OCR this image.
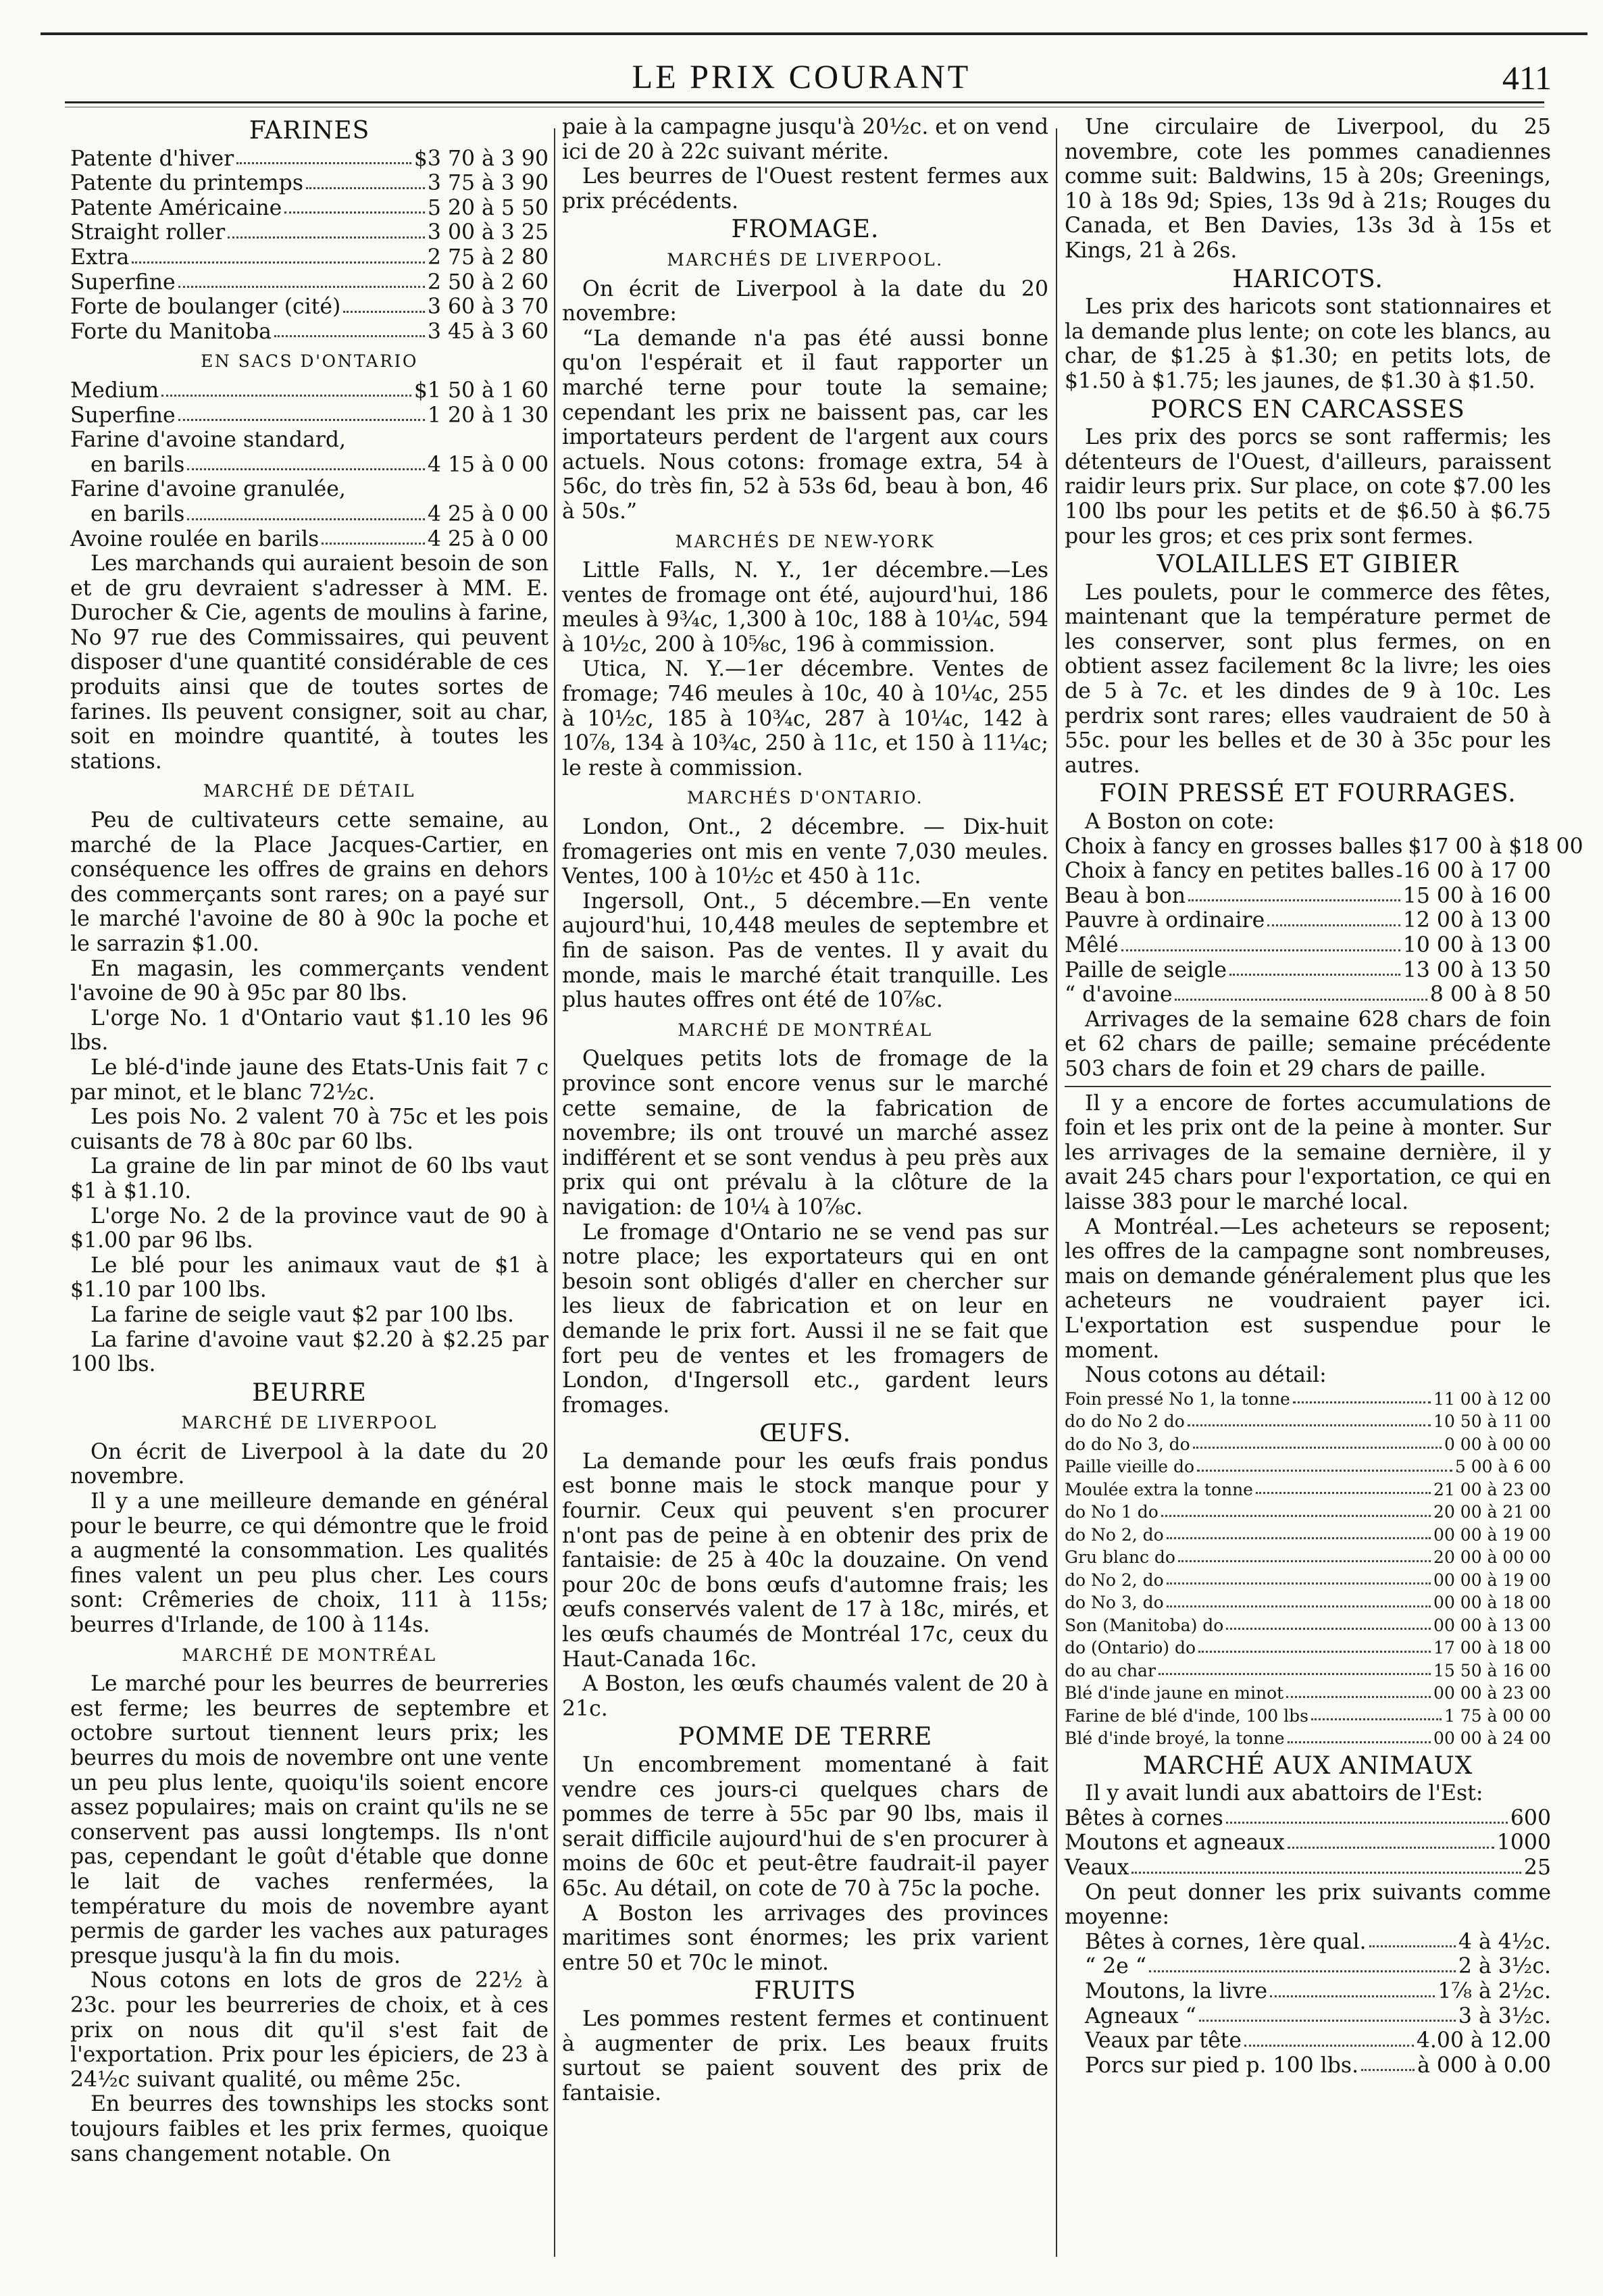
LE PRIX COURANT	411
FARINES
Patente d'hiver	$3 70 à 3 90
Patente du printemps	3 75 à 3 90
Patente Américaine	5 20 à 5 50
Straight roller	3 00 à 3 25
Extra	2 75 à 2 80
Superfine	2 50 à 2 60
Forte de boulanger (cité)	3 60 à 3 70
Forte du Manitoba	3 45 à 3 60
EN SACS D'ONTARIO
Medium	$1 50 à 1 60
Superfine	1 20 à 1 30
Farine d'avoine standard,
en barils	4 15 à 0 00
Farine d'avoine granulée,
en barils	4 25 à 0 00
Avoine roulée en barils	4 25 à 0 00

Les marchands qui auraient besoin de son et de gru devraient s'adresser à MM. E. Durocher & Cie, agents de moulins à farine, No 97 rue des Commissaires, qui peuvent disposer d'une quantité considérable de ces produits ainsi que de toutes sortes de farines. Ils peuvent consigner, soit au char, soit en moindre quantité, à toutes les stations.

MARCHÉ DE DÉTAIL

Peu de cultivateurs cette semaine, au marché de la Place Jacques-Cartier, en conséquence les offres de grains en dehors des commerçants sont rares; on a payé sur le marché l'avoine de 80 à 90c la poche et le sarrazin $1.00.

En magasin, les commerçants vendent l'avoine de 90 à 95c par 80 lbs.

L'orge No. 1 d'Ontario vaut $1.10 les 96 lbs.

Le blé-d'inde jaune des Etats-Unis fait 7 c par minot, et le blanc 72½c.

Les pois No. 2 valent 70 à 75c et les pois cuisants de 78 à 80c par 60 lbs.

La graine de lin par minot de 60 lbs vaut $1 à $1.10.

L'orge No. 2 de la province vaut de 90 à $1.00 par 96 lbs.

Le blé pour les animaux vaut de $1 à $1.10 par 100 lbs.

La farine de seigle vaut $2 par 100 lbs.

La farine d'avoine vaut $2.20 à $2.25 par 100 lbs.

BEURRE
MARCHÉ DE LIVERPOOL

On écrit de Liverpool à la date du 20 novembre.

Il y a une meilleure demande en général pour le beurre, ce qui démontre que le froid a augmenté la consommation. Les qualités fines valent un peu plus cher. Les cours sont: Crêmeries de choix, 111 à 115s; beurres d'Irlande, de 100 à 114s.

MARCHÉ DE MONTRÉAL

Le marché pour les beurres de beurreries est ferme; les beurres de septembre et octobre surtout tiennent leurs prix; les beurres du mois de novembre ont une vente un peu plus lente, quoiqu'ils soient encore assez populaires; mais on craint qu'ils ne se conservent pas aussi longtemps. Ils n'ont pas, cependant le goût d'étable que donne le lait de vaches renfermées, la température du mois de novembre ayant permis de garder les vaches aux paturages presque jusqu'à la fin du mois.

Nous cotons en lots de gros de 22½ à 23c. pour les beurreries de choix, et à ces prix on nous dit qu'il s'est fait de l'exportation. Prix pour les épiciers, de 23 à 24½c suivant qualité, ou même 25c.

En beurres des townships les stocks sont toujours faibles et les prix fermes, quoique sans changement notable. On

paie à la campagne jusqu'à 20½c. et on vend ici de 20 à 22c suivant mérite.

Les beurres de l'Ouest restent fermes aux prix précédents.

FROMAGE.
MARCHÉS DE LIVERPOOL.

On écrit de Liverpool à la date du 20 novembre:

“La demande n'a pas été aussi bonne qu'on l'espérait et il faut rapporter un marché terne pour toute la semaine; cependant les prix ne baissent pas, car les importateurs perdent de l'argent aux cours actuels. Nous cotons: fromage extra, 54 à 56c, do très fin, 52 à 53s 6d, beau à bon, 46 à 50s.”

MARCHÉS DE NEW-YORK

Little Falls, N. Y., 1er décembre.—Les ventes de fromage ont été, aujourd'hui, 186 meules à 9¾c, 1,300 à 10c, 188 à 10¼c, 594 à 10½c, 200 à 10⅝c, 196 à commission.

Utica, N. Y.—1er décembre. Ventes de fromage; 746 meules à 10c, 40 à 10¼c, 255 à 10½c, 185 à 10¾c, 287 à 10¼c, 142 à 10⅞, 134 à 10¾c, 250 à 11c, et 150 à 11¼c; le reste à commission.

MARCHÉS D'ONTARIO.

London, Ont., 2 décembre. — Dix-huit fromageries ont mis en vente 7,030 meules. Ventes, 100 à 10½c et 450 à 11c.

Ingersoll, Ont., 5 décembre.—En vente aujourd'hui, 10,448 meules de septembre et fin de saison. Pas de ventes. Il y avait du monde, mais le marché était tranquille. Les plus hautes offres ont été de 10⅞c.

MARCHÉ DE MONTRÉAL

Quelques petits lots de fromage de la province sont encore venus sur le marché cette semaine, de la fabrication de novembre; ils ont trouvé un marché assez indifférent et se sont vendus à peu près aux prix qui ont prévalu à la clôture de la navigation: de 10¼ à 10⅞c.

Le fromage d'Ontario ne se vend pas sur notre place; les exportateurs qui en ont besoin sont obligés d'aller en chercher sur les lieux de fabrication et on leur en demande le prix fort. Aussi il ne se fait que fort peu de ventes et les fromagers de London, d'Ingersoll etc., gardent leurs fromages.

ŒUFS.

La demande pour les œufs frais pondus est bonne mais le stock manque pour y fournir. Ceux qui peuvent s'en procurer n'ont pas de peine à en obtenir des prix de fantaisie: de 25 à 40c la douzaine. On vend pour 20c de bons œufs d'automne frais; les œufs conservés valent de 17 à 18c, mirés, et les œufs chaumés de Montréal 17c, ceux du Haut-Canada 16c.

A Boston, les œufs chaumés valent de 20 à 21c.

POMME DE TERRE

Un encombrement momentané à fait vendre ces jours-ci quelques chars de pommes de terre à 55c par 90 lbs, mais il serait difficile aujourd'hui de s'en procurer à moins de 60c et peut-être faudrait-il payer 65c. Au détail, on cote de 70 à 75c la poche.

A Boston les arrivages des provinces maritimes sont énormes; les prix varient entre 50 et 70c le minot.

FRUITS

Les pommes restent fermes et continuent à augmenter de prix. Les beaux fruits surtout se paient souvent des prix de fantaisie.

Une circulaire de Liverpool, du 25 novembre, cote les pommes canadiennes comme suit: Baldwins, 15 à 20s; Greenings, 10 à 18s 9d; Spies, 13s 9d à 21s; Rouges du Canada, et Ben Davies, 13s 3d à 15s et Kings, 21 à 26s.

HARICOTS.

Les prix des haricots sont stationnaires et la demande plus lente; on cote les blancs, au char, de $1.25 à $1.30; en petits lots, de $1.50 à $1.75; les jaunes, de $1.30 à $1.50.

PORCS EN CARCASSES

Les prix des porcs se sont raffermis; les détenteurs de l'Ouest, d'ailleurs, paraissent raidir leurs prix. Sur place, on cote $7.00 les 100 lbs pour les petits et de $6.50 à $6.75 pour les gros; et ces prix sont fermes.

VOLAILLES ET GIBIER

Les poulets, pour le commerce des fêtes, maintenant que la température permet de les conserver, sont plus fermes, on en obtient assez facilement 8c la livre; les oies de 5 à 7c. et les dindes de 9 à 10c. Les perdrix sont rares; elles vaudraient de 50 à 55c. pour les belles et de 30 à 35c pour les autres.

FOIN PRESSÉ ET FOURRAGES.
A Boston on cote:
Choix à fancy en grosses balles $17 00 à $18 00
Choix à fancy en petites balles 16 00 à 17 00
Beau à bon	15 00 à 16 00
Pauvre à ordinaire	12 00 à 13 00
Mêlé	10 00 à 13 00
Paille de seigle	13 00 à 13 50
“ d'avoine	8 00 à 8 50

Arrivages de la semaine 628 chars de foin et 62 chars de paille; semaine précédente 503 chars de foin et 29 chars de paille.

Il y a encore de fortes accumulations de foin et les prix ont de la peine à monter. Sur les arrivages de la semaine dernière, il y avait 245 chars pour l'exportation, ce qui en laisse 383 pour le marché local.

A Montréal.—Les acheteurs se reposent; les offres de la campagne sont nombreuses, mais on demande généralement plus que les acheteurs ne voudraient payer ici. L'exportation est suspendue pour le moment.

Nous cotons au détail:
Foin pressé No 1, la tonne	11 00 à 12 00
do do No 2 do	10 50 à 11 00
do do No 3, do	0 00 à 00 00
Paille vieille do	5 00 à 6 00
Moulée extra la tonne	21 00 à 23 00
do No 1 do	20 00 à 21 00
do No 2, do	00 00 à 19 00
Gru blanc do	20 00 à 00 00
do No 2, do	00 00 à 19 00
do No 3, do	00 00 à 18 00
Son (Manitoba) do	00 00 à 13 00
do (Ontario) do	17 00 à 18 00
do au char	15 50 à 16 00
Blé d'inde jaune en minot	00 00 à 23 00
Farine de blé d'inde, 100 lbs	1 75 à 00 00
Blé d'inde broyé, la tonne	00 00 à 24 00
MARCHÉ AUX ANIMAUX

Il y avait lundi aux abattoirs de l'Est:

Bêtes à cornes	600
Moutons et agneaux	1000
Veaux	25

On peut donner les prix suivants comme moyenne:

Bêtes à cornes, 1ère qual.	4 à 4½c.
“ 2e “	2 à 3½c.
Moutons, la livre	1⅞ à 2½c.
Agneaux “	3 à 3½c.
Veaux par tête	4.00 à 12.00
Porcs sur pied p. 100 lbs.	à 000 à 0.00
